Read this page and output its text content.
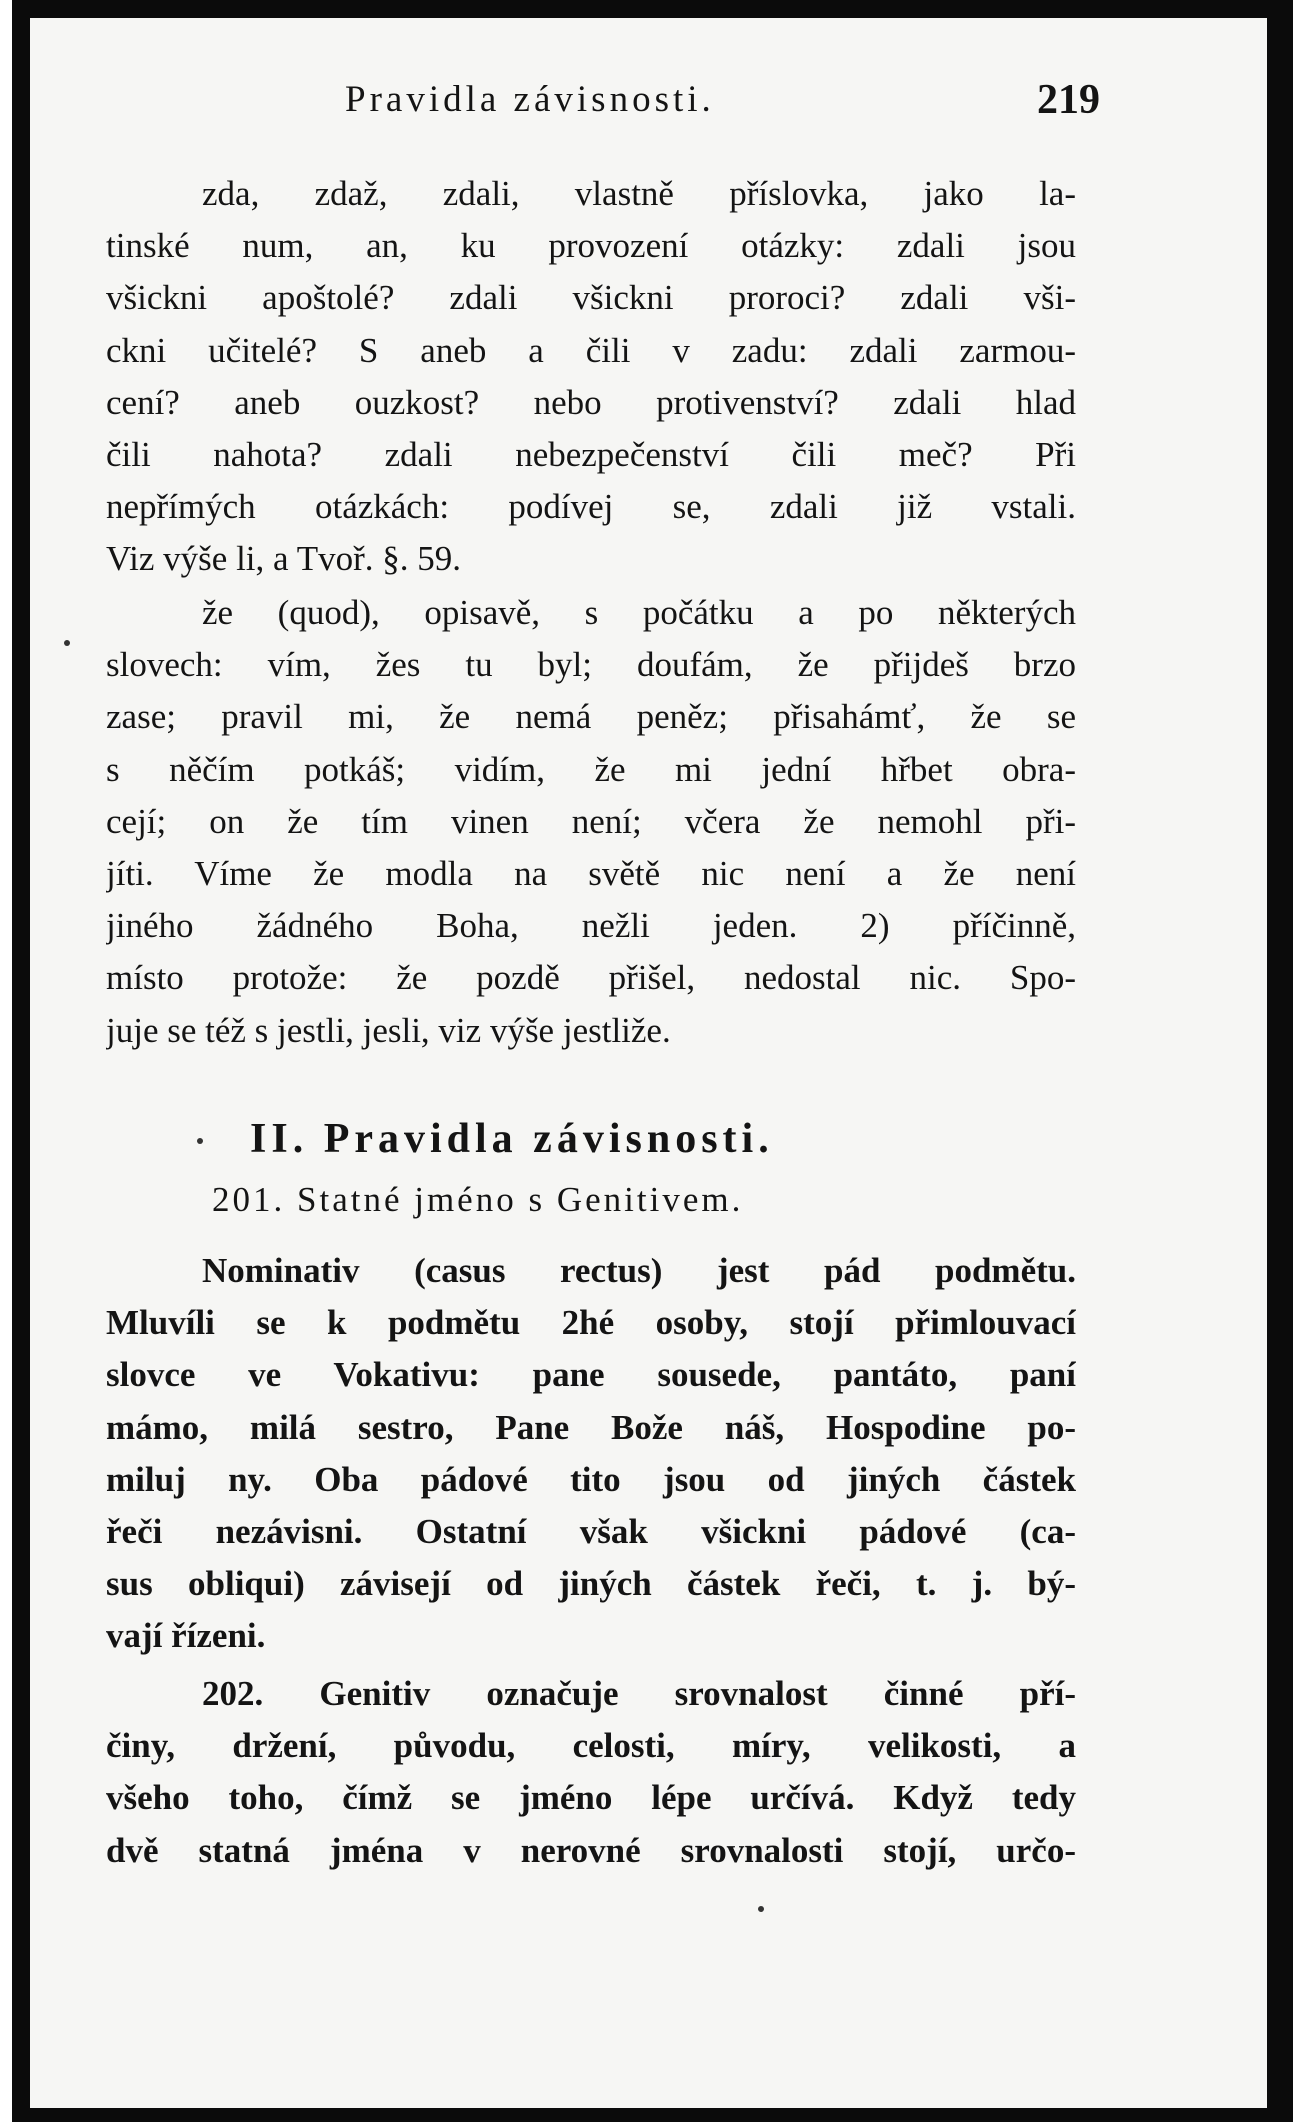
Pravidla závisnosti.	219
zda, zdaž, zdali, vlastně příslovka, jako la-
tinské num, an, ku provození otázky: zdali jsou
všickni apoštolé? zdali všickni proroci? zdali vši-
ckni učitelé? S aneb a čili v zadu: zdali zarmou-
cení? aneb ouzkost? nebo protivenství? zdali hlad
čili nahota? zdali nebezpečenství čili meč? Při
nepřímých otázkách: podívej se, zdali již vstali.
Viz výše li, a Tvoř. §. 59.
že (quod), opisavě, s počátku a po některých
slovech: vím, žes tu byl; doufám, že přijdeš brzo
zase; pravil mi, že nemá peněz; přisahámť, že se
s něčím potkáš; vidím, že mi jední hřbet obra-
cejí; on že tím vinen není; včera že nemohl při-
jíti. Víme že modla na světě nic není a že není
jiného žádného Boha, nežli jeden. 2) příčinně,
místo protože: že pozdě přišel, nedostal nic. Spo-
juje se též s jestli, jesli, viz výše jestliže.
II. Pravidla závisnosti.
201. Statné jméno s Genitivem.
Nominativ (casus rectus) jest pád podmětu.
Mluvíli se k podmětu 2hé osoby, stojí přimlouvací
slovce ve Vokativu: pane sousede, pantáto, paní
mámo, milá sestro, Pane Bože náš, Hospodine po-
miluj ny. Oba pádové tito jsou od jiných částek
řeči nezávisni. Ostatní však všickni pádové (ca-
sus obliqui) závisejí od jiných částek řeči, t. j. bý-
vají řízeni.
202. Genitiv označuje srovnalost činné pří-
činy, držení, původu, celosti, míry, velikosti, a
všeho toho, čímž se jméno lépe určívá. Když tedy
dvě statná jména v nerovné srovnalosti stojí, určo-
